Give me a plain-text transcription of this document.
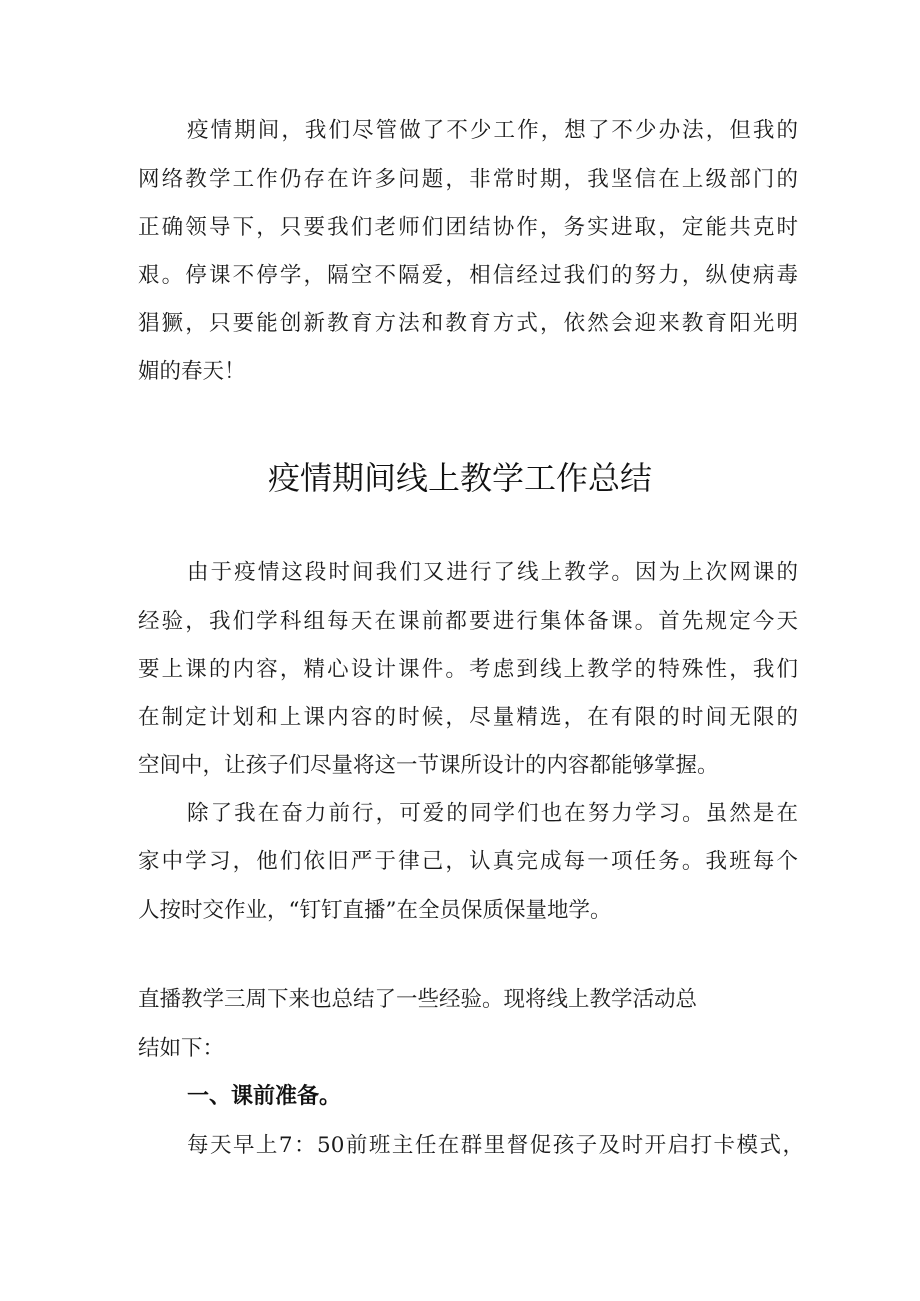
疫情期间，我们尽管做了不少工作，想了不少办法，但我的
网络教学工作仍存在许多问题，非常时期，我坚信在上级部门的
正确领导下，只要我们老师们团结协作，务实进取，定能共克时
艰。停课不停学，隔空不隔爱，相信经过我们的努力，纵使病毒
猖獗，只要能创新教育方法和教育方式，依然会迎来教育阳光明
媚的春天！
疫情期间线上教学工作总结
由于疫情这段时间我们又进行了线上教学。因为上次网课的
经验，我们学科组每天在课前都要进行集体备课。首先规定今天
要上课的内容，精心设计课件。考虑到线上教学的特殊性，我们
在制定计划和上课内容的时候，尽量精选，在有限的时间无限的
空间中，让孩子们尽量将这一节课所设计的内容都能够掌握。
除了我在奋力前行，可爱的同学们也在努力学习。虽然是在
家中学习，他们依旧严于律己，认真完成每一项任务。我班每个
人按时交作业，“钉钉直播”在全员保质保量地学。
直播教学三周下来也总结了一些经验。现将线上教学活动总
结如下：
一、课前准备。
每天早上7：50前班主任在群里督促孩子及时开启打卡模式，
